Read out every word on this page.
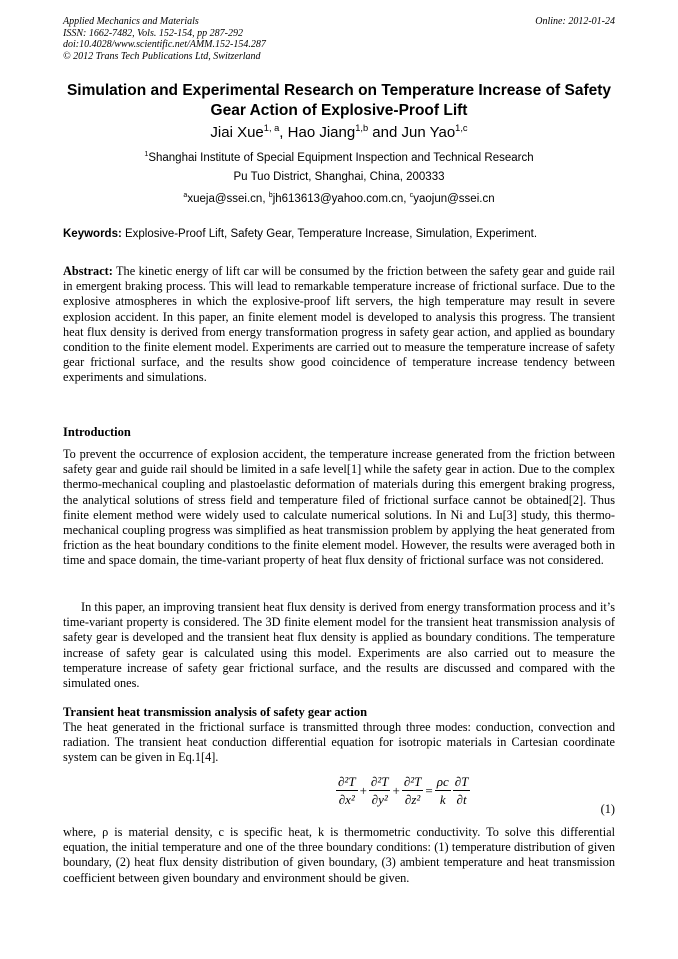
Applied Mechanics and Materials
ISSN: 1662-7482, Vols. 152-154, pp 287-292
doi:10.4028/www.scientific.net/AMM.152-154.287
© 2012 Trans Tech Publications Ltd, Switzerland
Online: 2012-01-24
Simulation and Experimental Research on Temperature Increase of Safety Gear Action of Explosive-Proof Lift
Jiai Xue$^{1, a}$, Hao Jiang$^{1,b}$ and Jun Yao$^{1,c}$
$^1$Shanghai Institute of Special Equipment Inspection and Technical Research
Pu Tuo District, Shanghai, China, 200333
$^a$xueja@ssei.cn, $^b$jh613613@yahoo.com.cn, $^c$yaojun@ssei.cn
Keywords: Explosive-Proof Lift, Safety Gear, Temperature Increase, Simulation, Experiment.
Abstract: The kinetic energy of lift car will be consumed by the friction between the safety gear and guide rail in emergent braking process. This will lead to remarkable temperature increase of frictional surface. Due to the explosive atmospheres in which the explosive-proof lift servers, the high temperature may result in severe explosion accident. In this paper, an finite element model is developed to analysis this progress. The transient heat flux density is derived from energy transformation progress in safety gear action, and applied as boundary condition to the finite element model. Experiments are carried out to measure the temperature increase of safety gear frictional surface, and the results show good coincidence of temperature increase tendency between experiments and simulations.
Introduction
To prevent the occurrence of explosion accident, the temperature increase generated from the friction between safety gear and guide rail should be limited in a safe level[1] while the safety gear in action. Due to the complex thermo-mechanical coupling and plastoelastic deformation of materials during this emergent braking progress, the analytical solutions of stress field and temperature filed of frictional surface cannot be obtained[2]. Thus finite element method were widely used to calculate numerical solutions. In Ni and Lu[3] study, this thermo-mechanical coupling progress was simplified as heat transmission problem by applying the heat generated from friction as the heat boundary conditions to the finite element model. However, the results were averaged both in time and space domain, the time-variant property of heat flux density of frictional surface was not considered.
In this paper, an improving transient heat flux density is derived from energy transformation process and it’s time-variant property is considered. The 3D finite element model for the transient heat transmission analysis of safety gear is developed and the transient heat flux density is applied as boundary conditions. The temperature increase of safety gear is calculated using this model. Experiments are also carried out to measure the temperature increase of safety gear frictional surface, and the results are discussed and compared with the simulated ones.
Transient heat transmission analysis of safety gear action
The heat generated in the frictional surface is transmitted through three modes: conduction, convection and radiation. The transient heat conduction differential equation for isotropic materials in Cartesian coordinate system can be given in Eq.1[4].
$\frac{\text{∂²T}}{\text{∂x²}} + \frac{\text{∂²T}}{\text{∂y²}} + \frac{\text{∂²T}}{\text{∂z²}} = \frac{\rho c}{k} \frac{\partial T}{\partial t}$
(1)
where, ρ is material density, c is specific heat, k is thermometric conductivity. To solve this differential equation, the initial temperature and one of the three boundary conditions: (1) temperature distribution of given boundary, (2) heat flux density distribution of given boundary, (3) ambient temperature and heat transmission coefficient between given boundary and environment should be given.
